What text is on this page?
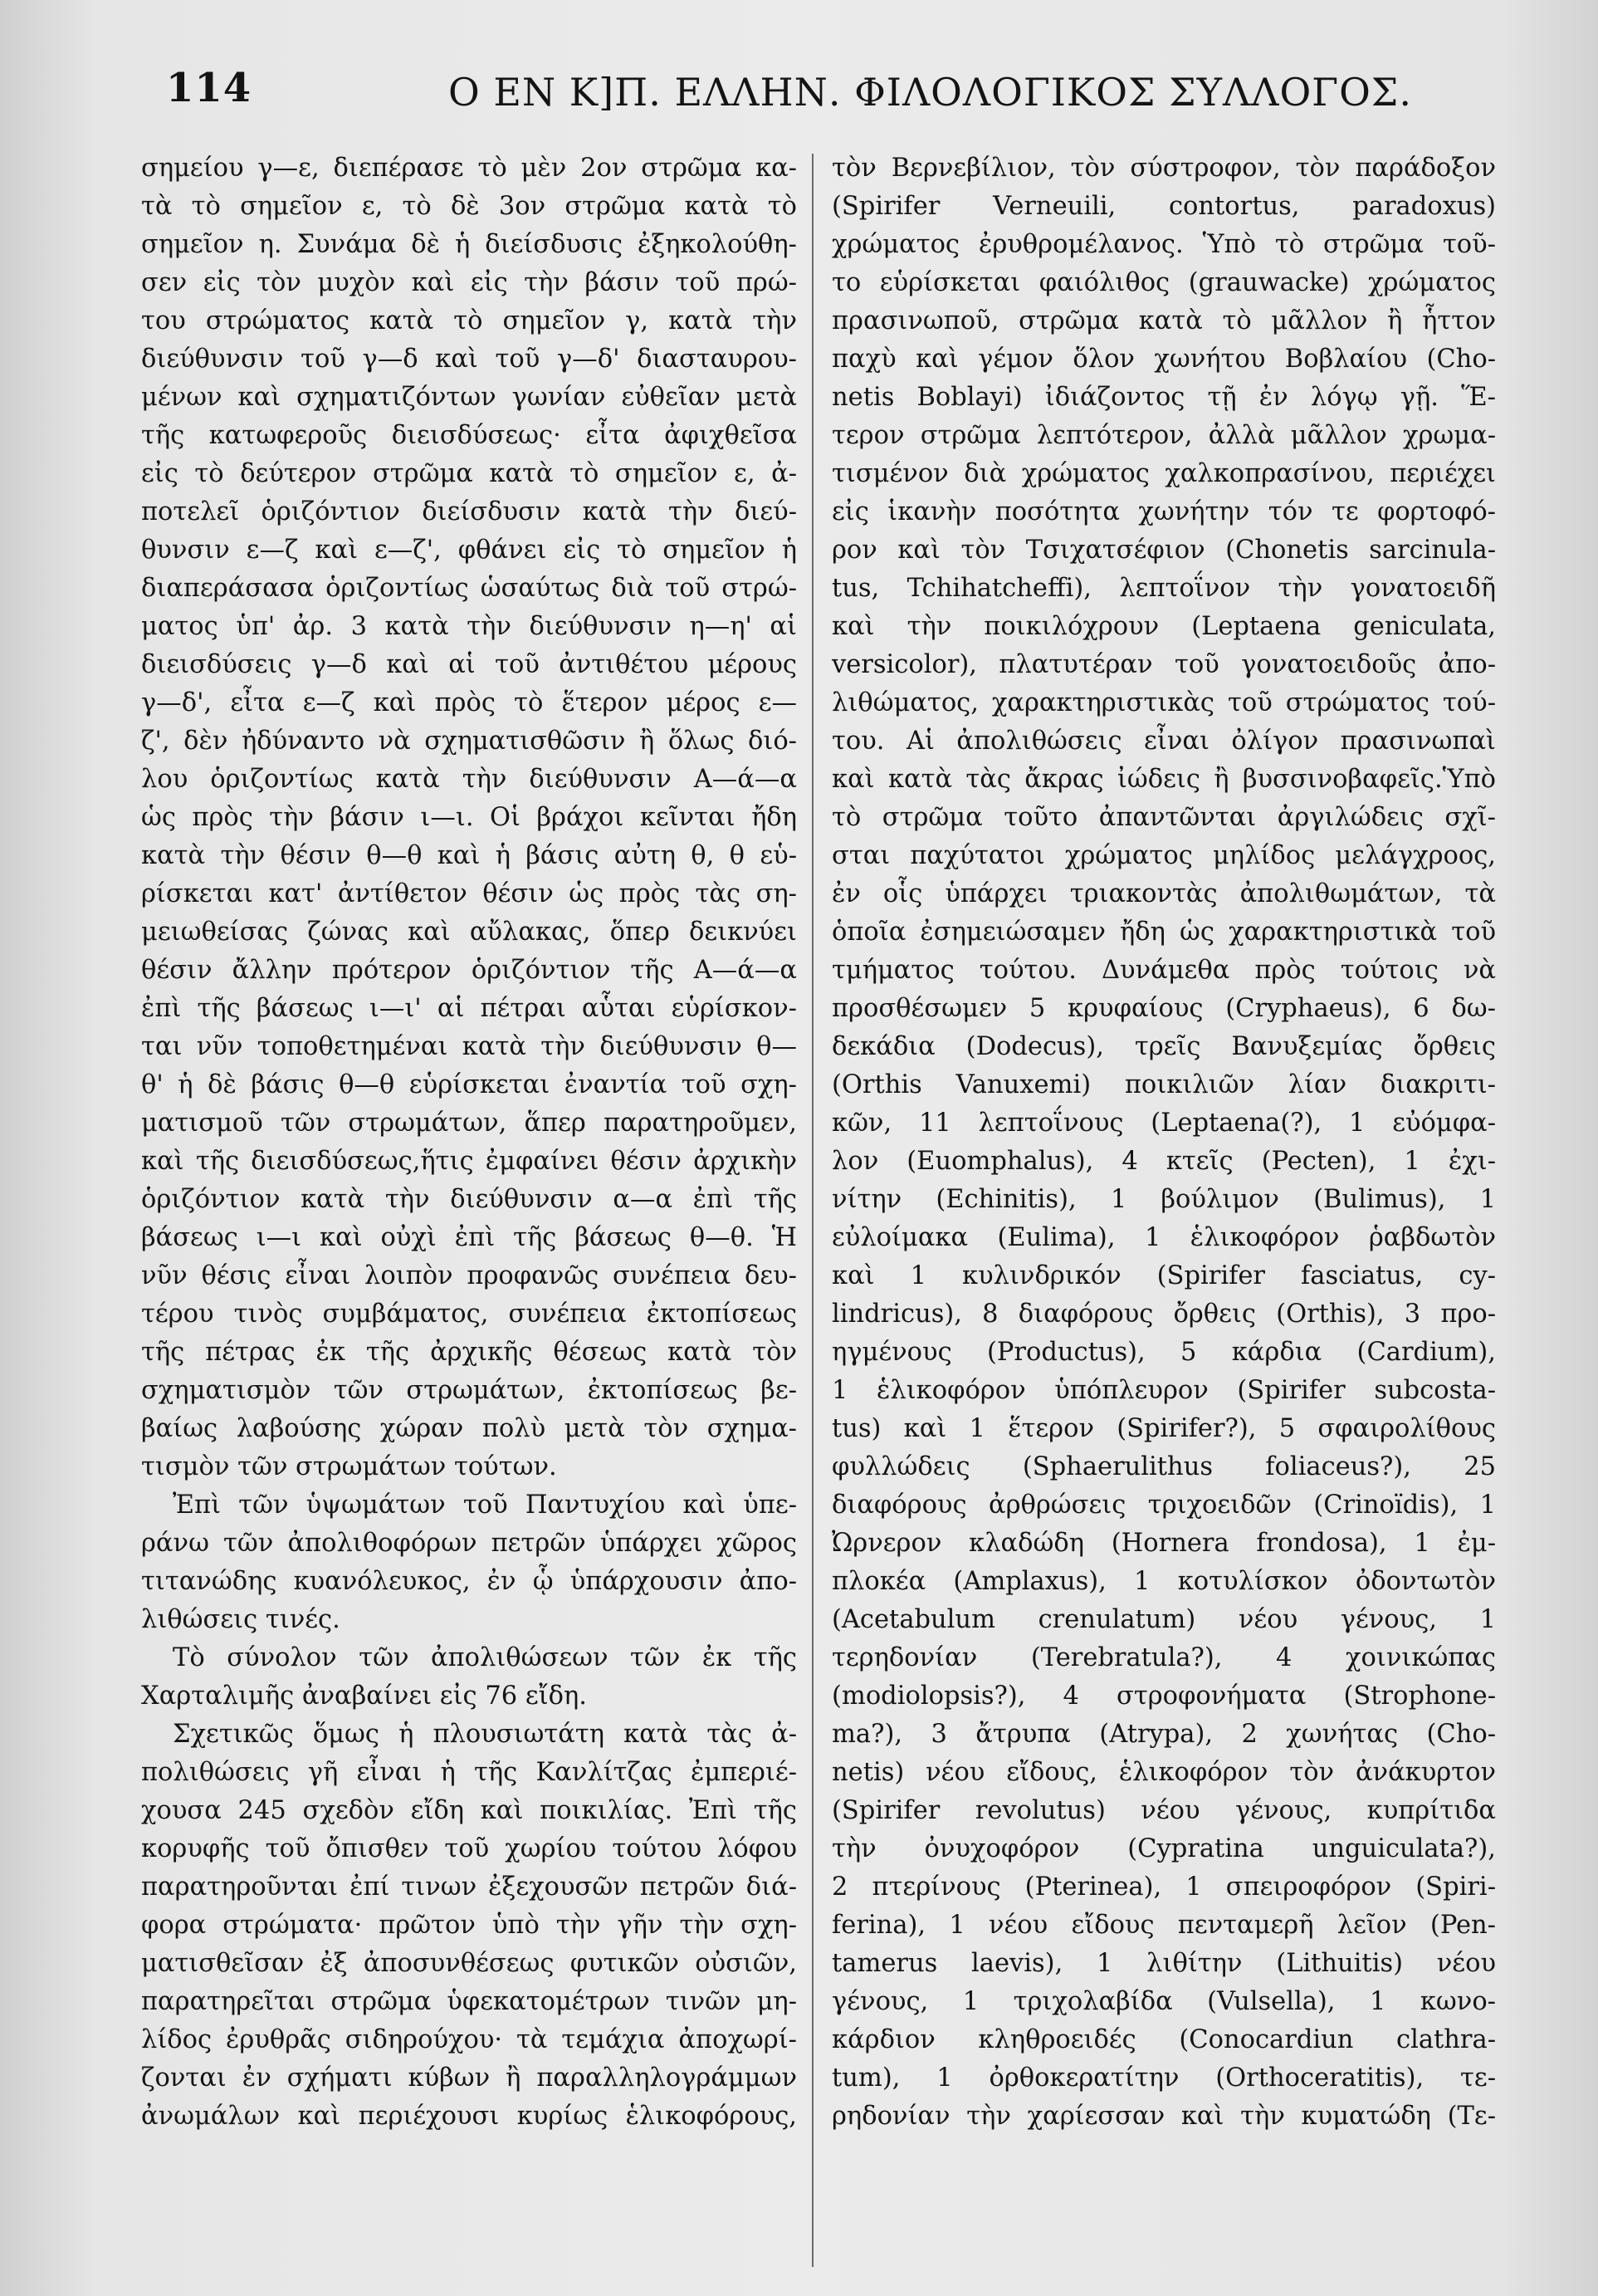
114	Ο ΕΝ Κ]Π. ΕΛΛΗΝ. ΦΙΛΟΛΟΓΙΚΟΣ ΣΥΛΛΟΓΟΣ.
σημείου γ—ε, διεπέρασε τὸ μὲν 2ον στρῶμα κα-
τὰ τὸ σημεῖον ε, τὸ δὲ 3ον στρῶμα κατὰ τὸ
σημεῖον η. Συνάμα δὲ ἡ διείσδυσις ἐξηκολούθη-
σεν εἰς τὸν μυχὸν καὶ εἰς τὴν βάσιν τοῦ πρώ-
του στρώματος κατὰ τὸ σημεῖον γ, κατὰ τὴν
διεύθυνσιν τοῦ γ—δ καὶ τοῦ γ—δ' διασταυρου-
μένων καὶ σχηματιζόντων γωνίαν εὐθεῖαν μετὰ
τῆς κατωφεροῦς διεισδύσεως· εἶτα ἀφιχθεῖσα
εἰς τὸ δεύτερον στρῶμα κατὰ τὸ σημεῖον ε, ἀ-
ποτελεῖ ὁριζόντιον διείσδυσιν κατὰ τὴν διεύ-
θυνσιν ε—ζ καὶ ε—ζ', φθάνει εἰς τὸ σημεῖον ἡ
διαπεράσασα ὁριζοντίως ὡσαύτως διὰ τοῦ στρώ-
ματος ὑπ' ἀρ. 3 κατὰ τὴν διεύθυνσιν η—η' αἱ
διεισδύσεις γ—δ καὶ αἱ τοῦ ἀντιθέτου μέρους
γ—δ', εἶτα ε—ζ καὶ πρὸς τὸ ἕτερον μέρος ε—
ζ', δὲν ἠδύναντο νὰ σχηματισθῶσιν ἢ ὅλως διό-
λου ὁριζοντίως κατὰ τὴν διεύθυνσιν Α—ά—α
ὡς πρὸς τὴν βάσιν ι—ι. Οἱ βράχοι κεῖνται ἤδη
κατὰ τὴν θέσιν θ—θ καὶ ἡ βάσις αὐτη θ, θ εὑ-
ρίσκεται κατ' ἀντίθετον θέσιν ὡς πρὸς τὰς ση-
μειωθείσας ζώνας καὶ αὔλακας, ὅπερ δεικνύει
θέσιν ἄλλην πρότερον ὁριζόντιον τῆς Α—ά—α
ἐπὶ τῆς βάσεως ι—ι' αἱ πέτραι αὗται εὑρίσκον-
ται νῦν τοποθετημέναι κατὰ τὴν διεύθυνσιν θ—
θ' ἡ δὲ βάσις θ—θ εὑρίσκεται ἐναντία τοῦ σχη-
ματισμοῦ τῶν στρωμάτων, ἅπερ παρατηροῦμεν,
καὶ τῆς διεισδύσεως,ἥτις ἐμφαίνει θέσιν ἀρχικὴν
ὁριζόντιον κατὰ τὴν διεύθυνσιν α—α ἐπὶ τῆς
βάσεως ι—ι καὶ οὐχὶ ἐπὶ τῆς βάσεως θ—θ. Ἡ
νῦν θέσις εἶναι λοιπὸν προφανῶς συνέπεια δευ-
τέρου τινὸς συμβάματος, συνέπεια ἐκτοπίσεως
τῆς πέτρας ἐκ τῆς ἀρχικῆς θέσεως κατὰ τὸν
σχηματισμὸν τῶν στρωμάτων, ἐκτοπίσεως βε-
βαίως λαβούσης χώραν πολὺ μετὰ τὸν σχημα-
τισμὸν τῶν στρωμάτων τούτων.
Ἐπὶ τῶν ὑψωμάτων τοῦ Παντυχίου καὶ ὑπε-
ράνω τῶν ἀπολιθοφόρων πετρῶν ὑπάρχει χῶρος
τιτανώδης κυανόλευκος, ἐν ᾧ ὑπάρχουσιν ἀπο-
λιθώσεις τινές.
Τὸ σύνολον τῶν ἀπολιθώσεων τῶν ἐκ τῆς
Χαρταλιμῆς ἀναβαίνει εἰς 76 εἴδη.
Σχετικῶς ὅμως ἡ πλουσιωτάτη κατὰ τὰς ἀ-
πολιθώσεις γῆ εἶναι ἡ τῆς Κανλίτζας ἐμπεριέ-
χουσα 245 σχεδὸν εἴδη καὶ ποικιλίας. Ἐπὶ τῆς
κορυφῆς τοῦ ὄπισθεν τοῦ χωρίου τούτου λόφου
παρατηροῦνται ἐπί τινων ἐξεχουσῶν πετρῶν διά-
φορα στρώματα· πρῶτον ὑπὸ τὴν γῆν τὴν σχη-
ματισθεῖσαν ἐξ ἀποσυνθέσεως φυτικῶν οὐσιῶν,
παρατηρεῖται στρῶμα ὑφεκατομέτρων τινῶν μη-
λίδος ἐρυθρᾶς σιδηρούχου· τὰ τεμάχια ἀποχωρί-
ζονται ἐν σχήματι κύβων ἢ παραλληλογράμμων
ἀνωμάλων καὶ περιέχουσι κυρίως ἑλικοφόρους,
τὸν Βερνεβίλιον, τὸν σύστροφον, τὸν παράδοξον
(Spirifer Verneuili, contortus, paradoxus)
χρώματος ἐρυθρομέλανος. Ὑπὸ τὸ στρῶμα τοῦ-
το εὑρίσκεται φαιόλιθος (grauwacke) χρώματος
πρασινωποῦ, στρῶμα κατὰ τὸ μᾶλλον ἢ ἧττον
παχὺ καὶ γέμον ὅλον χωνήτου Βοβλαίου (Cho-
netis Boblayi) ἰδιάζοντος τῇ ἐν λόγῳ γῇ. Ἕ-
τερον στρῶμα λεπτότερον, ἀλλὰ μᾶλλον χρωμα-
τισμένον διὰ χρώματος χαλκοπρασίνου, περιέχει
εἰς ἱκανὴν ποσότητα χωνήτην τόν τε φορτοφό-
ρον καὶ τὸν Τσιχατσέφιον (Chonetis sarcinula-
tus, Tchihatcheffi), λεπτοΐνον τὴν γονατοειδῆ
καὶ τὴν ποικιλόχρουν (Leptaena geniculata,
versicolor), πλατυτέραν τοῦ γονατοειδοῦς ἀπο-
λιθώματος, χαρακτηριστικὰς τοῦ στρώματος τού-
του. Αἱ ἀπολιθώσεις εἶναι ὀλίγον πρασινωπαὶ
καὶ κατὰ τὰς ἄκρας ἰώδεις ἢ βυσσινοβαφεῖς.Ὑπὸ
τὸ στρῶμα τοῦτο ἀπαντῶνται ἀργιλώδεις σχῖ-
σται παχύτατοι χρώματος μηλίδος μελάγχροος,
ἐν οἷς ὑπάρχει τριακοντὰς ἀπολιθωμάτων, τὰ
ὁποῖα ἐσημειώσαμεν ἤδη ὡς χαρακτηριστικὰ τοῦ
τμήματος τούτου. Δυνάμεθα πρὸς τούτοις νὰ
προσθέσωμεν 5 κρυφαίους (Cryphaeus), 6 δω-
δεκάδια (Dodecus), τρεῖς Βανυξεμίας ὄρθεις
(Orthis Vanuxemi) ποικιλιῶν λίαν διακριτι-
κῶν, 11 λεπτοΐνους (Leptaena(?), 1 εὐόμφα-
λον (Euomphalus), 4 κτεῖς (Pecten), 1 ἐχι-
νίτην (Echinitis), 1 βούλιμον (Bulimus), 1
εὐλοίμακα (Eulima), 1 ἑλικοφόρον ῥαβδωτὸν
καὶ 1 κυλινδρικόν (Spirifer fasciatus, cy-
lindricus), 8 διαφόρους ὄρθεις (Orthis), 3 προ-
ηγμένους (Productus), 5 κάρδια (Cardium),
1 ἑλικοφόρον ὑπόπλευρον (Spirifer subcosta-
tus) καὶ 1 ἕτερον (Spirifer?), 5 σφαιρολίθους
φυλλώδεις (Sphaerulithus foliaceus?), 25
διαφόρους ἀρθρώσεις τριχοειδῶν (Crinoïdis), 1
Ὠρνερον κλαδώδη (Hornera frondosa), 1 ἐμ-
πλοκέα (Amplaxus), 1 κοτυλίσκον ὀδοντωτὸν
(Acetabulum crenulatum) νέου γένους, 1
τερηδονίαν (Terebratula?), 4 χοινικώπας
(modiolopsis?), 4 στροφονήματα (Strophone-
ma?), 3 ἄτρυπα (Atrypa), 2 χωνήτας (Cho-
netis) νέου εἴδους, ἑλικοφόρον τὸν ἀνάκυρτον
(Spirifer revolutus) νέου γένους, κυπρίτιδα
τὴν ὀνυχοφόρον (Cypratina unguiculata?),
2 πτερίνους (Pterinea), 1 σπειροφόρον (Spiri-
ferina), 1 νέου εἴδους πενταμερῆ λεῖον (Pen-
tamerus laevis), 1 λιθίτην (Lithuitis) νέου
γένους, 1 τριχολαβίδα (Vulsella), 1 κωνο-
κάρδιον κληθροειδές (Conocardiun clathra-
tum), 1 ὀρθοκερατίτην (Orthoceratitis), τε-
ρηδονίαν τὴν χαρίεσσαν καὶ τὴν κυματώδη (Τε-
